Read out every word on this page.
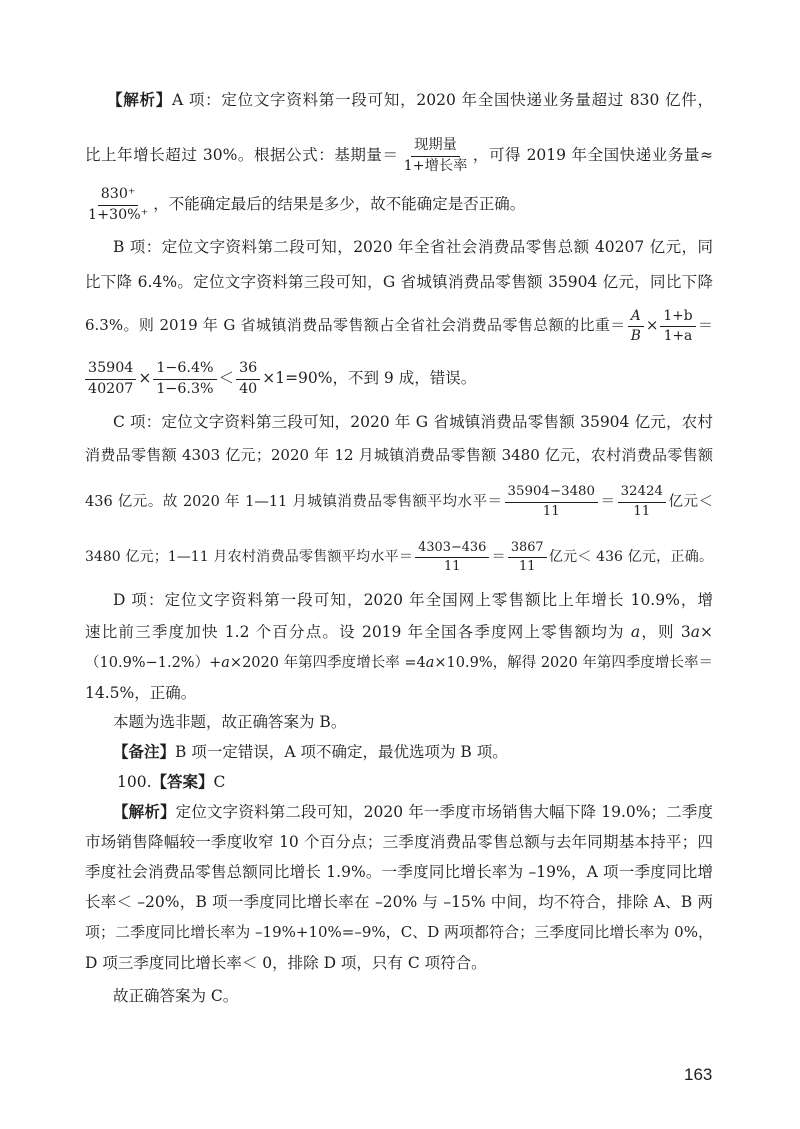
【解析】A 项：定位文字资料第一段可知，2020 年全国快递业务量超过 830 亿件，
比上年增长超过 30%。根据公式：基期量＝ $\frac{\text{现期量}}{\text{1+增长率}}$ ，可得 2019 年全国快递业务量≈
$\frac{830^+}{1+30\%^+}$ ，不能确定最后的结果是多少，故不能确定是否正确。
B 项：定位文字资料第二段可知，2020 年全省社会消费品零售总额 40207 亿元，同
比下降 6.4%。定位文字资料第三段可知，G 省城镇消费品零售额 35904 亿元，同比下降
6.3%。则 2019 年 G 省城镇消费品零售额占全省社会消费品零售总额的比重＝ $\frac{A}{B} \times \frac{1+b}{1+a}$ ＝
$\frac{35904}{40207} \times \frac{1-6.4\%}{1-6.3\%} < \frac{36}{40} \times 1=90\%$，不到 9 成，错误。
C 项：定位文字资料第三段可知，2020 年 G 省城镇消费品零售额 35904 亿元，农村
消费品零售额 4303 亿元；2020 年 12 月城镇消费品零售额 3480 亿元，农村消费品零售额
436 亿元。故 2020 年 1—11 月城镇消费品零售额平均水平＝ $\frac{35904-3480}{11} = \frac{32424}{11}$ 亿元＜
3480 亿元；1—11 月农村消费品零售额平均水平＝ $\frac{4303-436}{11} = \frac{3867}{11}$ 亿元＜ 436 亿元，正确。
D 项：定位文字资料第一段可知，2020 年全国网上零售额比上年增长 10.9%，增
速比前三季度加快 1.2 个百分点。设 2019 年全国各季度网上零售额均为 a，则 3a×
（10.9%−1.2%）+a×2020 年第四季度增长率 =4a×10.9%，解得 2020 年第四季度增长率＝
14.5%，正确。
本题为选非题，故正确答案为 B。
【备注】B 项一定错误，A 项不确定，最优选项为 B 项。
100.【答案】C
【解析】定位文字资料第二段可知，2020 年一季度市场销售大幅下降 19.0%；二季度
市场销售降幅较一季度收窄 10 个百分点；三季度消费品零售总额与去年同期基本持平；四
季度社会消费品零售总额同比增长 1.9%。一季度同比增长率为 –19%，A 项一季度同比增
长率＜ –20%，B 项一季度同比增长率在 –20% 与 –15% 中间，均不符合，排除 A、B 两
项；二季度同比增长率为 –19%+10%=–9%，C、D 两项都符合；三季度同比增长率为 0%，
D 项三季度同比增长率＜ 0，排除 D 项，只有 C 项符合。
故正确答案为 C。
163
